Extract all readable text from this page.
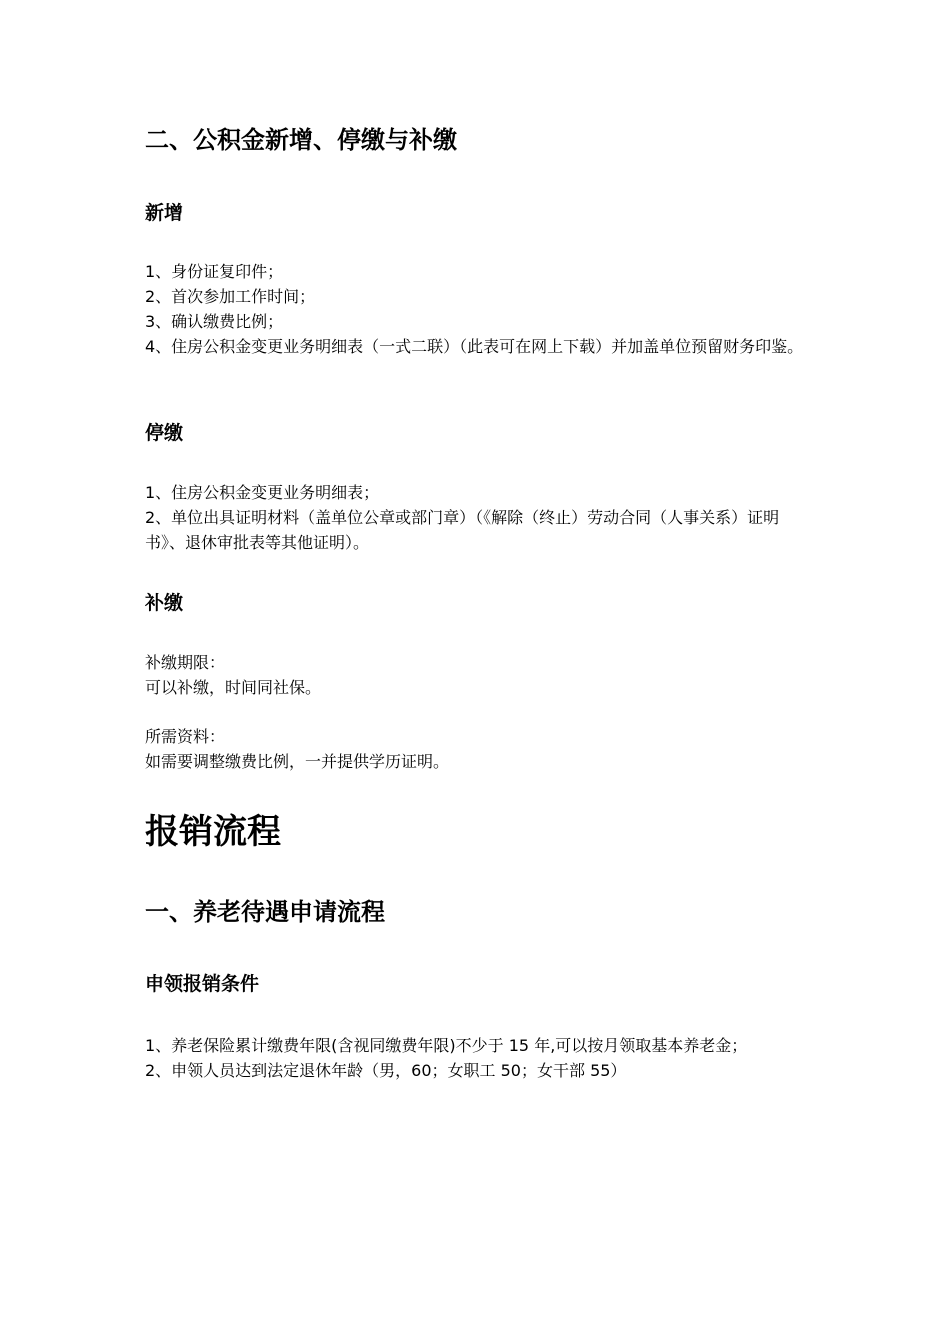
二、公积金新增、停缴与补缴
新增
1、身份证复印件；
2、首次参加工作时间；
3、确认缴费比例；
4、住房公积金变更业务明细表（一式二联）（此表可在网上下载）并加盖单位预留财务印鉴。
停缴
1、住房公积金变更业务明细表；
2、单位出具证明材料（盖单位公章或部门章）（《解除（终止）劳动合同（人事关系）证明书》、退休审批表等其他证明）。
补缴
补缴期限：
可以补缴，时间同社保。
所需资料：
如需要调整缴费比例，一并提供学历证明。
报销流程
一、养老待遇申请流程
申领报销条件
1、养老保险累计缴费年限(含视同缴费年限)不少于 15 年,可以按月领取基本养老金；
2、申领人员达到法定退休年龄（男，60；女职工 50；女干部 55）
